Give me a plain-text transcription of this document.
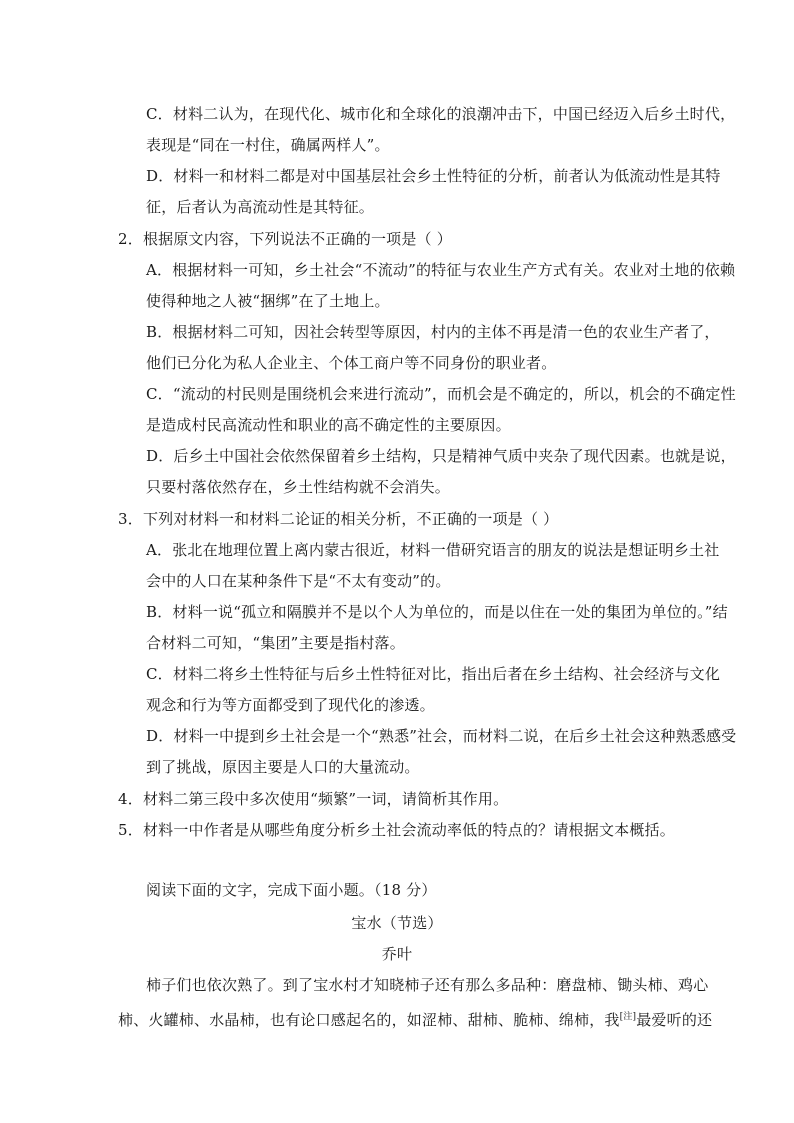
C．材料二认为，在现代化、城市化和全球化的浪潮冲击下，中国已经迈入后乡土时代，
表现是“同在一村住，确属两样人”。
D．材料一和材料二都是对中国基层社会乡土性特征的分析，前者认为低流动性是其特
征，后者认为高流动性是其特征。
2．根据原文内容，下列说法不正确的一项是（ ）
A．根据材料一可知，乡土社会“不流动”的特征与农业生产方式有关。农业对土地的依赖
使得种地之人被“捆绑”在了土地上。
B．根据材料二可知，因社会转型等原因，村内的主体不再是清一色的农业生产者了，
他们已分化为私人企业主、个体工商户等不同身份的职业者。
C．“流动的村民则是围绕机会来进行流动”，而机会是不确定的，所以，机会的不确定性
是造成村民高流动性和职业的高不确定性的主要原因。
D．后乡土中国社会依然保留着乡土结构，只是精神气质中夹杂了现代因素。也就是说，
只要村落依然存在，乡土性结构就不会消失。
3．下列对材料一和材料二论证的相关分析，不正确的一项是（ ）
A．张北在地理位置上离内蒙古很近，材料一借研究语言的朋友的说法是想证明乡土社
会中的人口在某种条件下是“不太有变动”的。
B．材料一说“孤立和隔膜并不是以个人为单位的，而是以住在一处的集团为单位的。”结
合材料二可知，“集团”主要是指村落。
C．材料二将乡土性特征与后乡土性特征对比，指出后者在乡土结构、社会经济与文化
观念和行为等方面都受到了现代化的渗透。
D．材料一中提到乡土社会是一个“熟悉”社会，而材料二说，在后乡土社会这种熟悉感受
到了挑战，原因主要是人口的大量流动。
4．材料二第三段中多次使用“频繁”一词，请简析其作用。
5．材料一中作者是从哪些角度分析乡土社会流动率低的特点的？请根据文本概括。
阅读下面的文字，完成下面小题。（18 分）
宝水（节选）
乔叶
柿子们也依次熟了。到了宝水村才知晓柿子还有那么多品种：磨盘柿、锄头柿、鸡心
柿、火罐柿、水晶柿，也有论口感起名的，如涩柿、甜柿、脆柿、绵柿，我[注]最爱听的还
